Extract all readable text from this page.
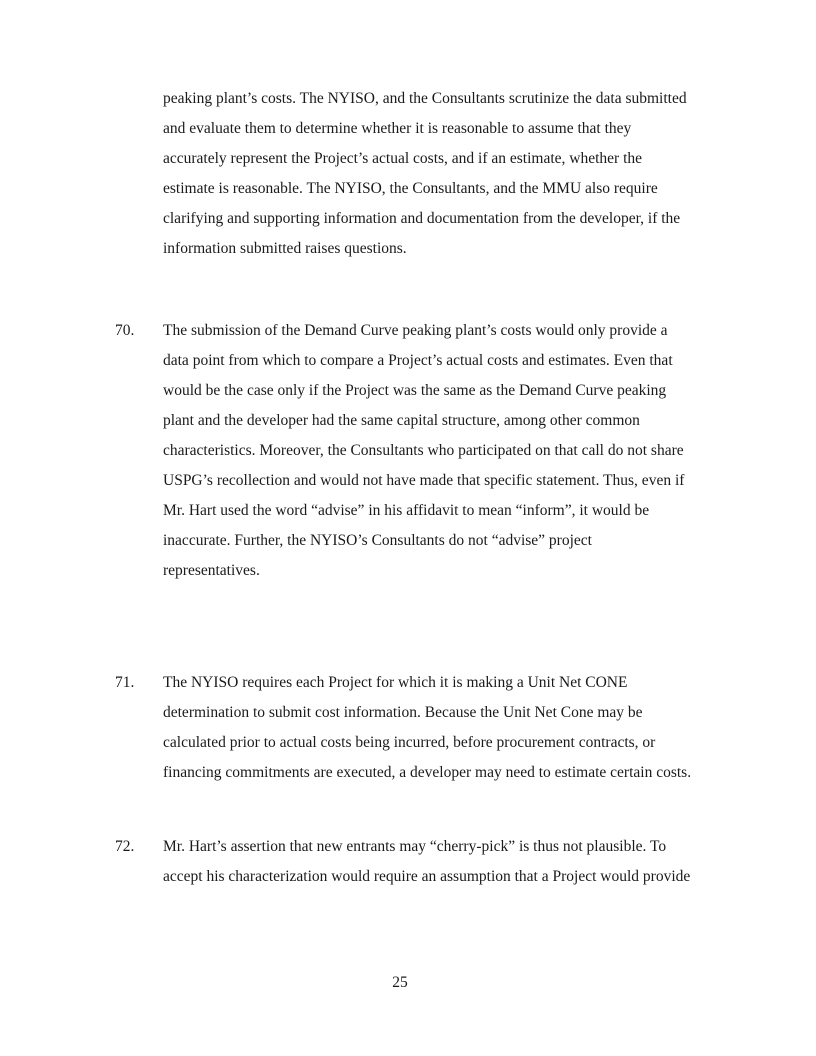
peaking plant’s costs. The NYISO, and the Consultants scrutinize the data submitted
and evaluate them to determine whether it is reasonable to assume that they
accurately represent the Project’s actual costs, and if an estimate, whether the
estimate is reasonable. The NYISO, the Consultants, and the MMU also require
clarifying and supporting information and documentation from the developer, if the
information submitted raises questions.
70. The submission of the Demand Curve peaking plant’s costs would only provide a
data point from which to compare a Project’s actual costs and estimates. Even that
would be the case only if the Project was the same as the Demand Curve peaking
plant and the developer had the same capital structure, among other common
characteristics. Moreover, the Consultants who participated on that call do not share
USPG’s recollection and would not have made that specific statement. Thus, even if
Mr. Hart used the word “advise” in his affidavit to mean “inform”, it would be
inaccurate. Further, the NYISO’s Consultants do not “advise” project
representatives.
71. The NYISO requires each Project for which it is making a Unit Net CONE
determination to submit cost information. Because the Unit Net Cone may be
calculated prior to actual costs being incurred, before procurement contracts, or
financing commitments are executed, a developer may need to estimate certain costs.
72. Mr. Hart’s assertion that new entrants may “cherry-pick” is thus not plausible. To
accept his characterization would require an assumption that a Project would provide
25
